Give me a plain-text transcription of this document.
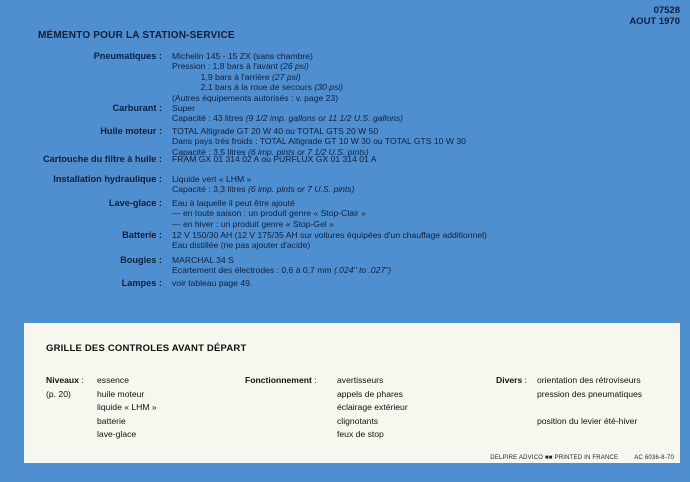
07528
AOUT 1970
MÉMENTO POUR LA STATION-SERVICE
Pneumatiques : Michelin 145 - 15 ZX (sans chambre)
Pression : 1,8 bars à l'avant (26 psi)
1,9 bars à l'arrière (27 psi)
2,1 bars à la roue de secours (30 psi)
(Autres équipements autorisés : v. page 23)
Carburant : Super
Capacité : 43 litres (9 1/2 imp. gallons or 11 1/2 U.S. gallons)
Huile moteur : TOTAL Altigrade GT 20 W 40 ou TOTAL GTS 20 W 50
Dans pays très froids : TOTAL Altigrade GT 10 W 30 ou TOTAL GTS 10 W 30
Capacité : 3,5 litres (6 imp. pints or 7 1/2 U.S. pints)
Cartouche du filtre à huile : FRAM GX 01 314 02 A ou PURFLUX GX 01 314 01 A
Installation hydraulique : Liquide vert « LHM »
Capacité : 3,3 litres (6 imp. pints or 7 U.S. pints)
Lave-glace : Eau à laquelle il peut être ajouté
— en toute saison : un produit genre « Stop-Clair »
— en hiver : un produit genre « Stop-Gel »
Batterie : 12 V 150/30 AH (12 V 175/35 AH sur voitures équipées d'un chauffage additionnel)
Eau distillée (ne pas ajouter d'acide)
Bougies : MARCHAL 34 S
Ecartement des électrodes : 0,6 à 0,7 mm (.024" to .027")
Lampes : voir tableau page 49.
GRILLE DES CONTROLES AVANT DÉPART
Niveaux :
(p. 20)
essence
huile moteur
liquide « LHM »
batterie
lave-glace
Fonctionnement : avertisseurs
appels de phares
éclairage extérieur
clignotants
feux de stop
Divers : orientation des rétroviseurs
pression des pneumatiques
position du levier été-hiver
DELPIRE ADVICO ■■ PRINTED IN FRANCE	AC 6036-8-70
